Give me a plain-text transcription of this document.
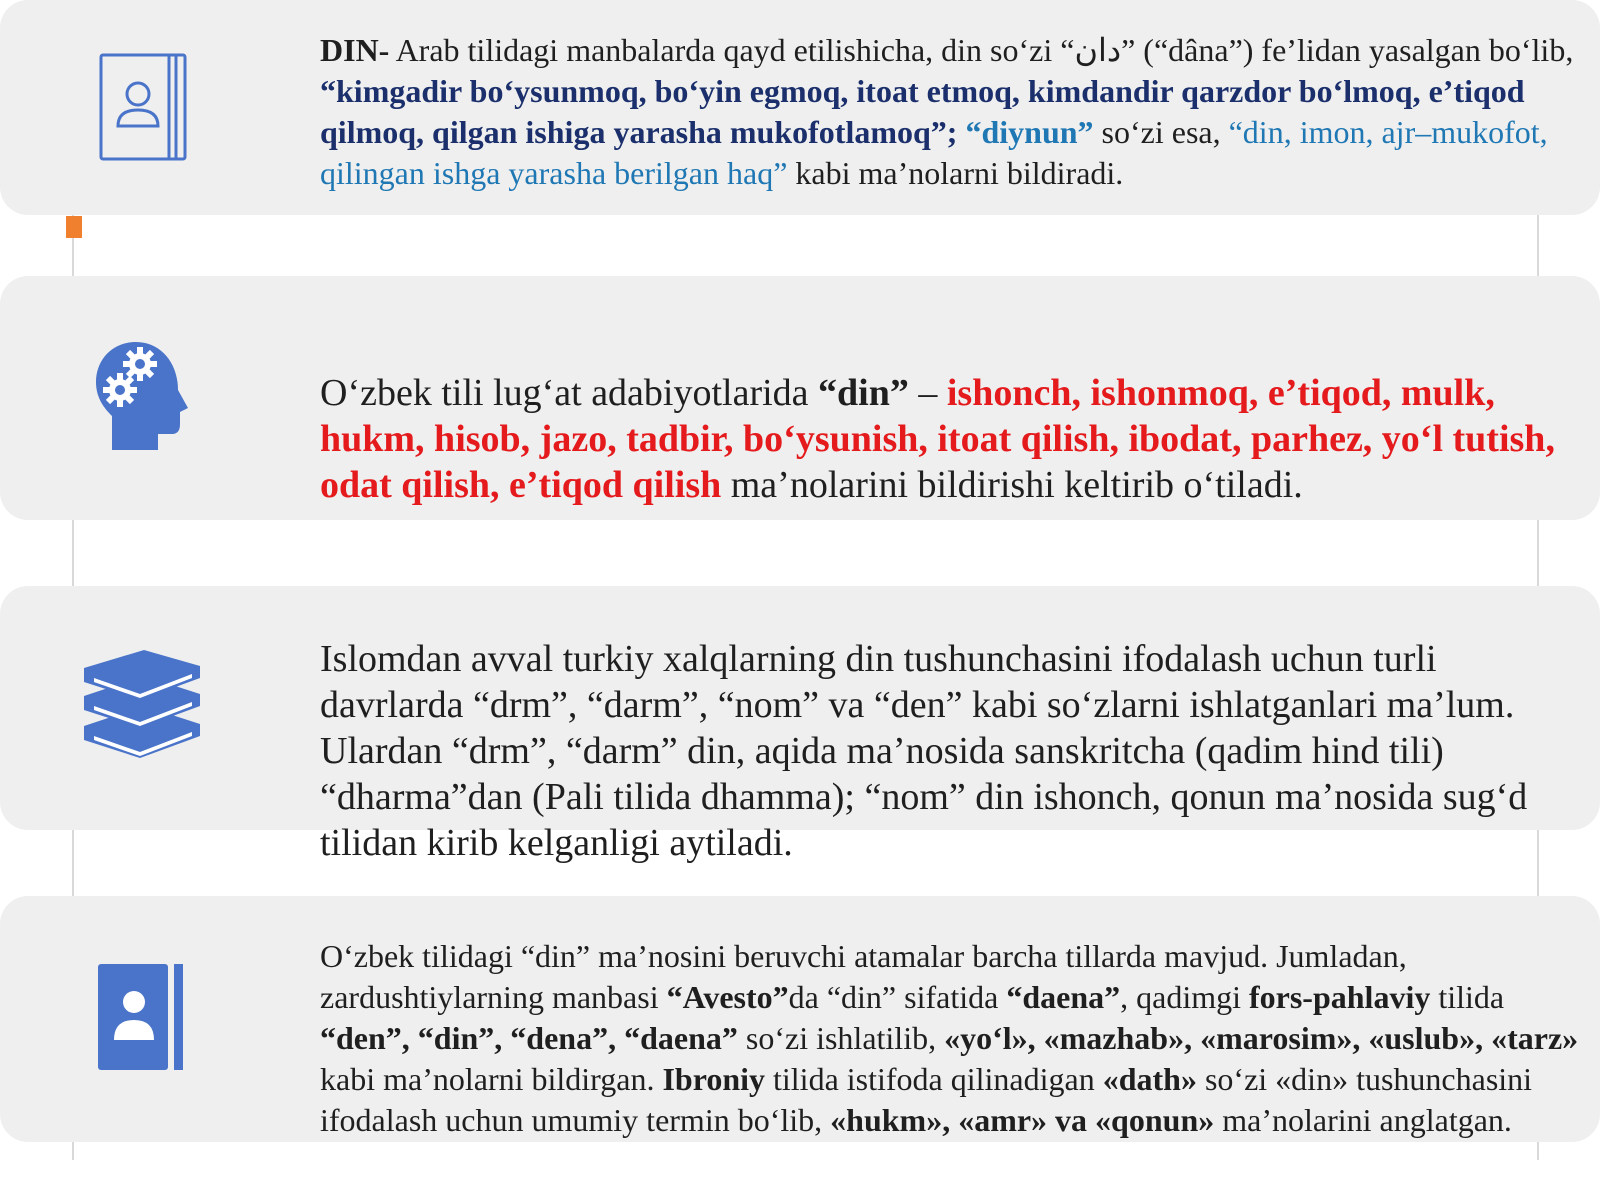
DIN- Arab tilidagi manbalarda qayd etilishicha, din so‘zi “دان” (“dâna”) fe’lidan yasalgan bo‘lib, “kimgadir bo‘ysunmoq, bo‘yin egmoq, itoat etmoq, kimdandir qarzdor bo‘lmoq, e’tiqod qilmoq, qilgan ishiga yarasha mukofotlamoq”; “diynun” so‘zi esa, “din, imon, ajr–mukofot, qilingan ishga yarasha berilgan haq” kabi ma’nolarni bildiradi.
O‘zbek tili lug‘at adabiyotlarida “din” – ishonch, ishonmoq, e’tiqod, mulk, hukm, hisob, jazo, tadbir, bo‘ysunish, itoat qilish, ibodat, parhez, yo‘l tutish, odat qilish, e’tiqod qilish ma’nolarini bildirishi keltirib o‘tiladi.
Islomdan avval turkiy xalqlarning din tushunchasini ifodalash uchun turli davrlarda “drm”, “darm”, “nom” va “den” kabi so‘zlarni ishlatganlari ma’lum. Ulardan “drm”, “darm” din, aqida ma’nosida sanskritcha (qadim hind tili) “dharma”dan (Pali tilida dhamma); “nom” din ishonch, qonun ma’nosida sug‘d tilidan kirib kelganligi aytiladi.
O‘zbek tilidagi “din” ma’nosini beruvchi atamalar barcha tillarda mavjud. Jumladan, zardushtiylarning manbasi “Avesto”da “din” sifatida “daena”, qadimgi fors-pahlaviy tilida “den”, “din”, “dena”, “daena” so‘zi ishlatilib, «yo‘l», «mazhab», «marosim», «uslub», «tarz» kabi ma’nolarni bildirgan. Ibroniy tilida istifoda qilinadigan «dath» so‘zi «din» tushunchasini ifodalash uchun umumiy termin bo‘lib, «hukm», «amr» va «qonun» ma’nolarini anglatgan.
